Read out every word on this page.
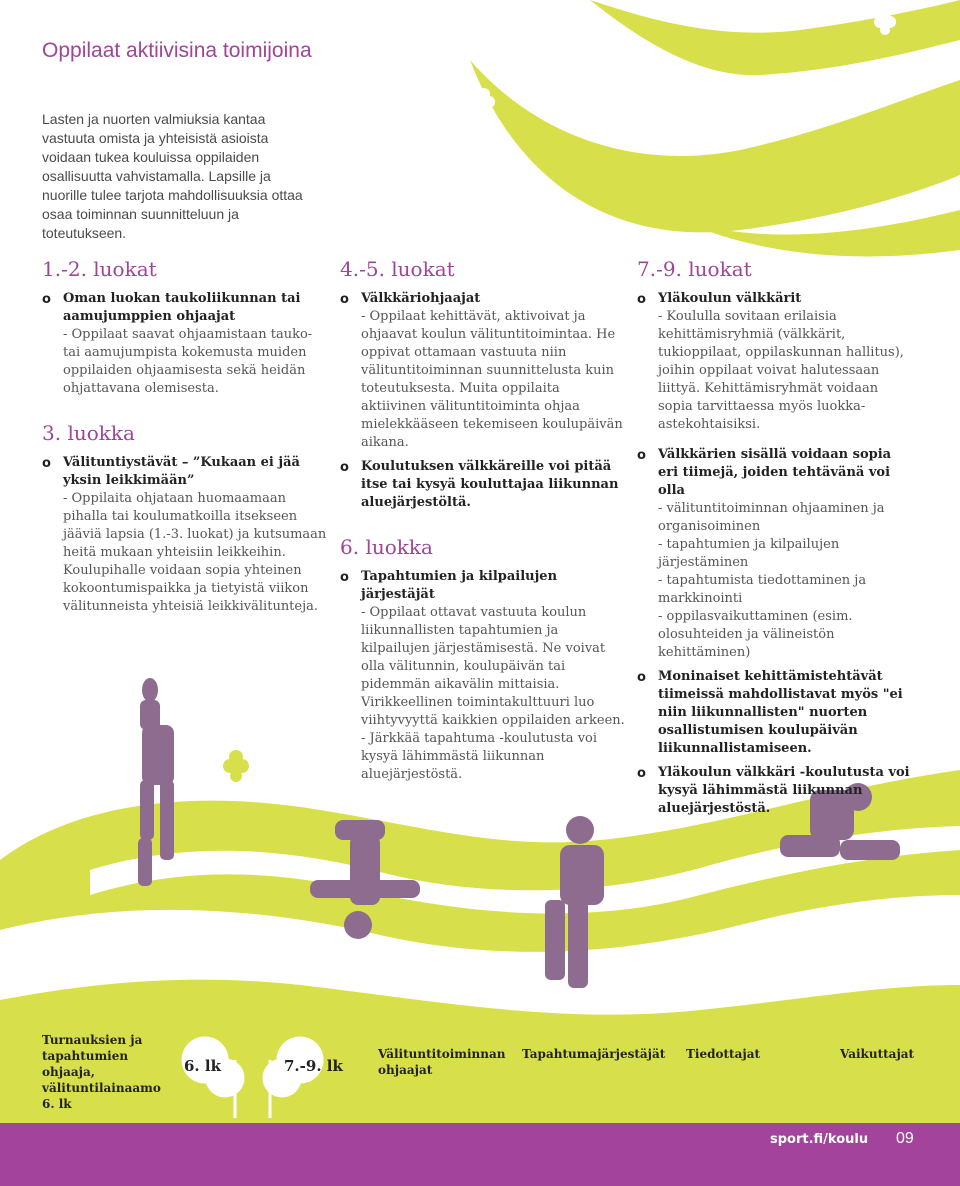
Oppilaat aktiivisina toimijoina
Lasten ja nuorten valmiuksia kantaa vastuuta omista ja yhteisistä asioista voidaan tukea kouluissa oppilaiden osallisuutta vahvistamalla. Lapsille ja nuorille tulee tarjota mahdollisuuksia ottaa osaa toiminnan suunnitteluun ja toteutukseen.
1.-2. luokat
o Oman luokan taukoliikunnan tai aamujumppien ohjaajat
- Oppilaat saavat ohjaamistaan tauko- tai aamujumpista kokemusta muiden oppilaiden ohjaamisesta sekä heidän ohjattavana olemisesta.
3. luokka
o Välituntiystävät – ”Kukaan ei jää yksin leikkimään”
- Oppilaita ohjataan huomaamaan pihalla tai koulumatkoilla itsekseen jääviä lapsia (1.-3. luokat) ja kutsumaan heitä mukaan yhteisiin leikkeihin. Koulupihalle voidaan sopia yhteinen kokoontumispaikka ja tietyistä viikon välitunneista yhteisiä leikkivälitunteja.
4.-5. luokat
o Välkkäriohjaajat
- Oppilaat kehittävät, aktivoivat ja ohjaavat koulun välituntitoimintaa. He oppivat ottamaan vastuuta niin välituntitoiminnan suunnittelusta kuin toteutuksesta. Muita oppilaita aktiivinen välituntitoiminta ohjaa mielekkääseen tekemiseen koulupäivän aikana.
o Koulutuksen välkkäreille voi pitää itse tai kysyä kouluttajaa liikunnan aluejärjestöltä.
6. luokka
o Tapahtumien ja kilpailujen järjestäjät
- Oppilaat ottavat vastuuta koulun liikunnallisten tapahtumien ja kilpailujen järjestämisestä. Ne voivat olla välitunnin, koulupäivän tai pidemmän aikavälin mittaisia. Virikkeellinen toimintakulttuuri luo viihtyvyyttä kaikkien oppilaiden arkeen.
- Järkkää tapahtuma -koulutusta voi kysyä lähimmästä liikunnan aluejärjestöstä.
7.-9. luokat
o Yläkoulun välkkärit
- Koululla sovitaan erilaisia kehittämisryhmiä (välkkärit, tukioppilaat, oppilaskunnan hallitus), joihin oppilaat voivat halutessaan liittyä. Kehittämisryhmät voidaan sopia tarvittaessa myös luokka-astekohtaisiksi.
o Välkkärien sisällä voidaan sopia eri tiimejä, joiden tehtävänä voi olla
- välituntitoiminnan ohjaaminen ja organisoiminen
- tapahtumien ja kilpailujen järjestäminen
- tapahtumista tiedottaminen ja markkinointi
- oppilasvaikuttaminen (esim. olosuhteiden ja välineistön kehittäminen)
o Moninaiset kehittämistehtävät tiimeissä mahdollistavat myös "ei niin liikunnallisten" nuorten osallistumisen koulupäivän liikunnallistamiseen.
o Yläkoulun välkkäri -koulutusta voi kysyä lähimmästä liikunnan aluejärjestöstä.
Turnauksien ja tapahtumien ohjaaja, välituntilainaamo 6. lk
6. lk	7.-9. lk
Välituntitoiminnan ohjaajat
Tapahtumajärjestäjät Tiedottajat	Vaikuttajat
sport.fi/koulu 09
